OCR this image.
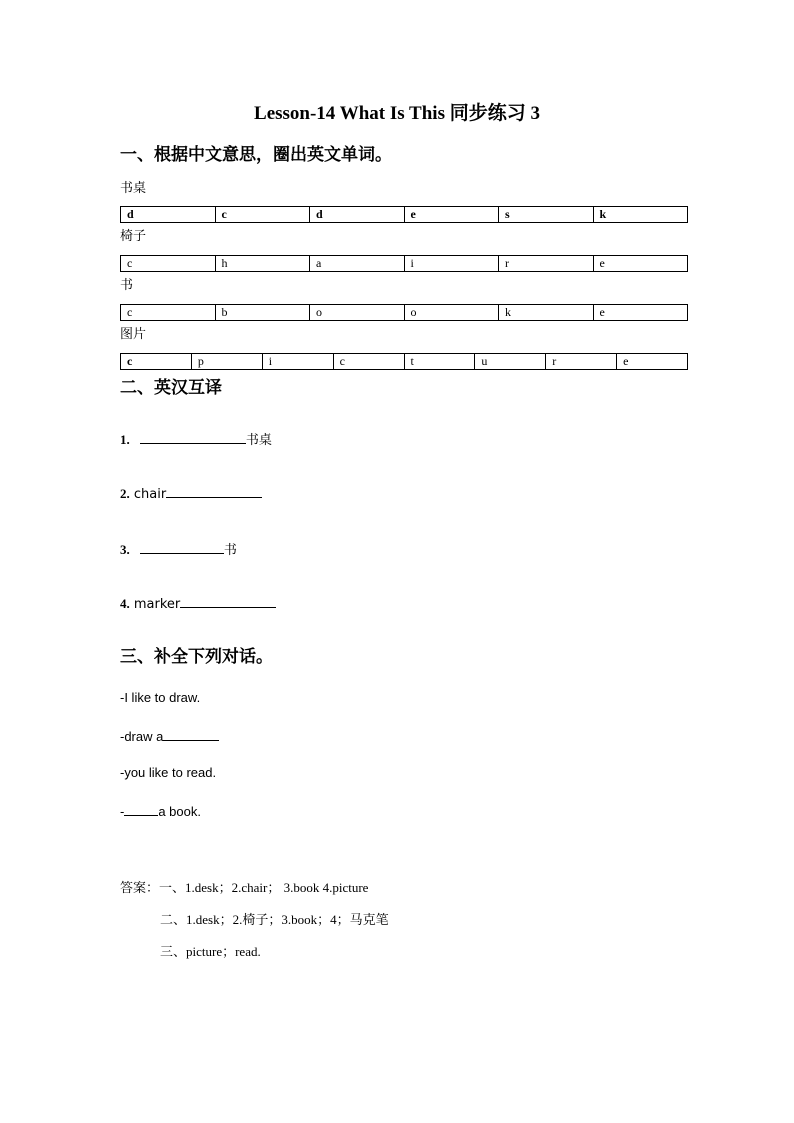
Lesson-14 What Is This 同步练习 3
一、根据中文意思，圈出英文单词。
书桌
d	c	d	e	s	k
椅子
c	h	a	i	r	e
书
c	b	o	o	k	e
图片
c	p	i	c	t	u	r	e
二、英汉互译
1.	书桌
2. chair
3.	书
4. marker
三、补全下列对话。
-I like to draw.
-draw a
-you like to read.
-	a book.
答案：一、1.desk；2.chair； 3.book 4.picture
二、1.desk；2.椅子；3.book；4；马克笔
三、picture；read.
